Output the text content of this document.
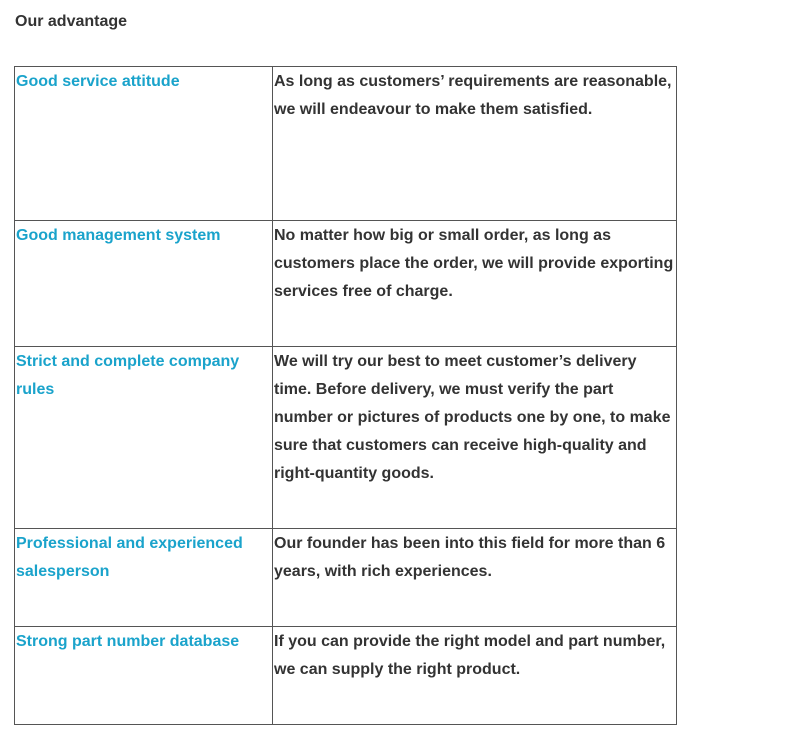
Our advantage
Good service attitude	As long as customers’ requirements are reasonable, we will endeavour to make them satisfied.

Good management system	No matter how big or small order, as long as customers place the order, we will provide exporting services free of charge.

Strict and complete company rules	We will try our best to meet customer’s delivery time. Before delivery, we must verify the part number or pictures of products one by one, to make sure that customers can receive high-quality and right-quantity goods.

Professional and experienced salesperson	Our founder has been into this field for more than 6 years, with rich experiences.

Strong part number database	If you can provide the right model and part number, we can supply the right product.
